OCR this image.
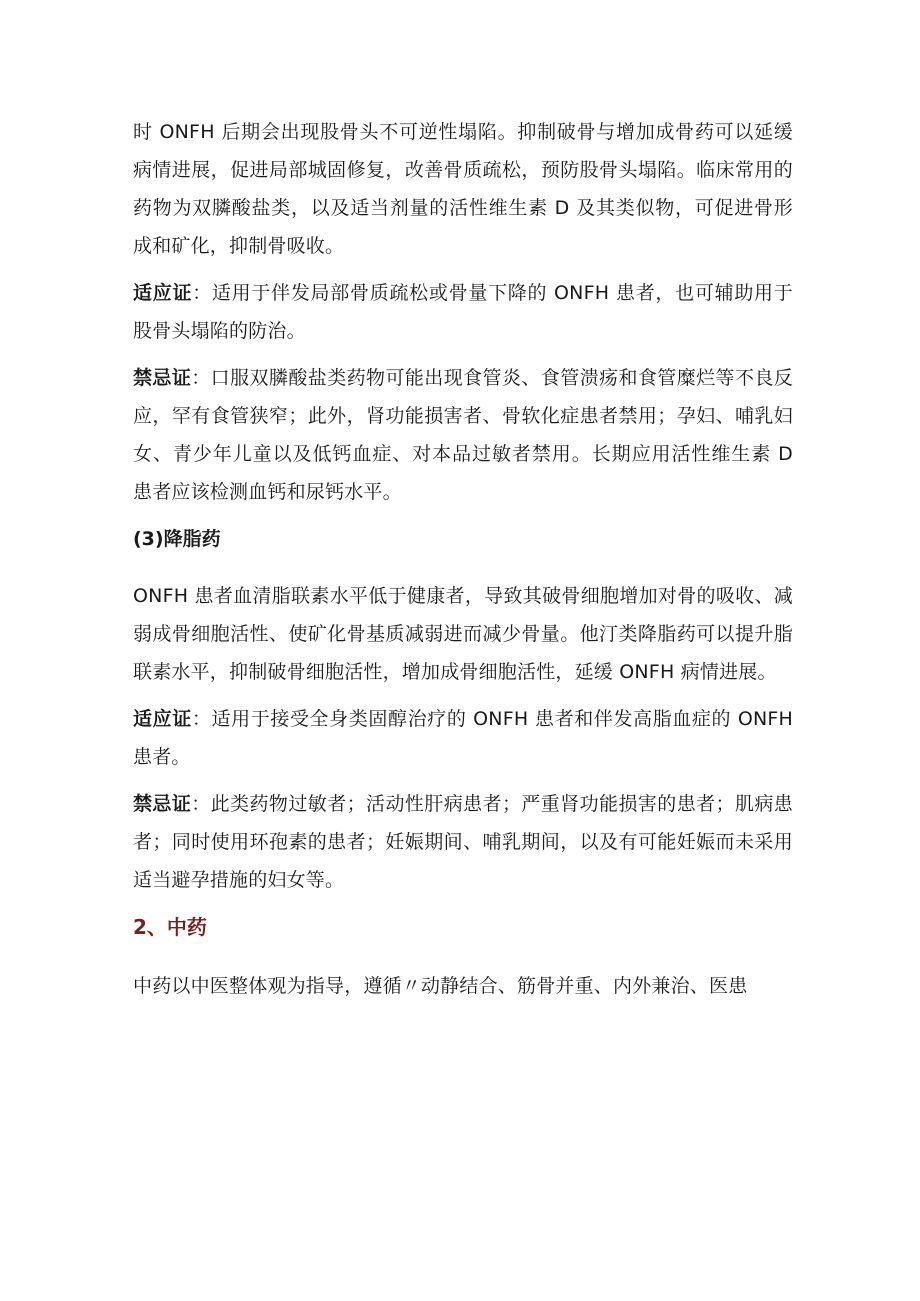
时 ONFH 后期会出现股骨头不可逆性塌陷。抑制破骨与增加成骨药可以延缓病情进展，促进局部城固修复，改善骨质疏松，预防股骨头塌陷。临床常用的药物为双膦酸盐类，以及适当剂量的活性维生素 D 及其类似物，可促进骨形成和矿化，抑制骨吸收。

适应证：适用于伴发局部骨质疏松或骨量下降的 ONFH 患者，也可辅助用于股骨头塌陷的防治。

禁忌证：口服双膦酸盐类药物可能出现食管炎、食管溃疡和食管糜烂等不良反应，罕有食管狭窄；此外，肾功能损害者、骨软化症患者禁用；孕妇、哺乳妇女、青少年儿童以及低钙血症、对本品过敏者禁用。长期应用活性维生素 D 患者应该检测血钙和尿钙水平。

(3)降脂药

ONFH 患者血清脂联素水平低于健康者，导致其破骨细胞增加对骨的吸收、减弱成骨细胞活性、使矿化骨基质减弱进而减少骨量。他汀类降脂药可以提升脂联素水平，抑制破骨细胞活性，增加成骨细胞活性，延缓 ONFH 病情进展。

适应证：适用于接受全身类固醇治疗的 ONFH 患者和伴发高脂血症的 ONFH 患者。

禁忌证：此类药物过敏者；活动性肝病患者；严重肾功能损害的患者；肌病患者；同时使用环孢素的患者；妊娠期间、哺乳期间，以及有可能妊娠而未采用适当避孕措施的妇女等。

2、中药

中药以中医整体观为指导，遵循〃动静结合、筋骨并重、内外兼治、医患
